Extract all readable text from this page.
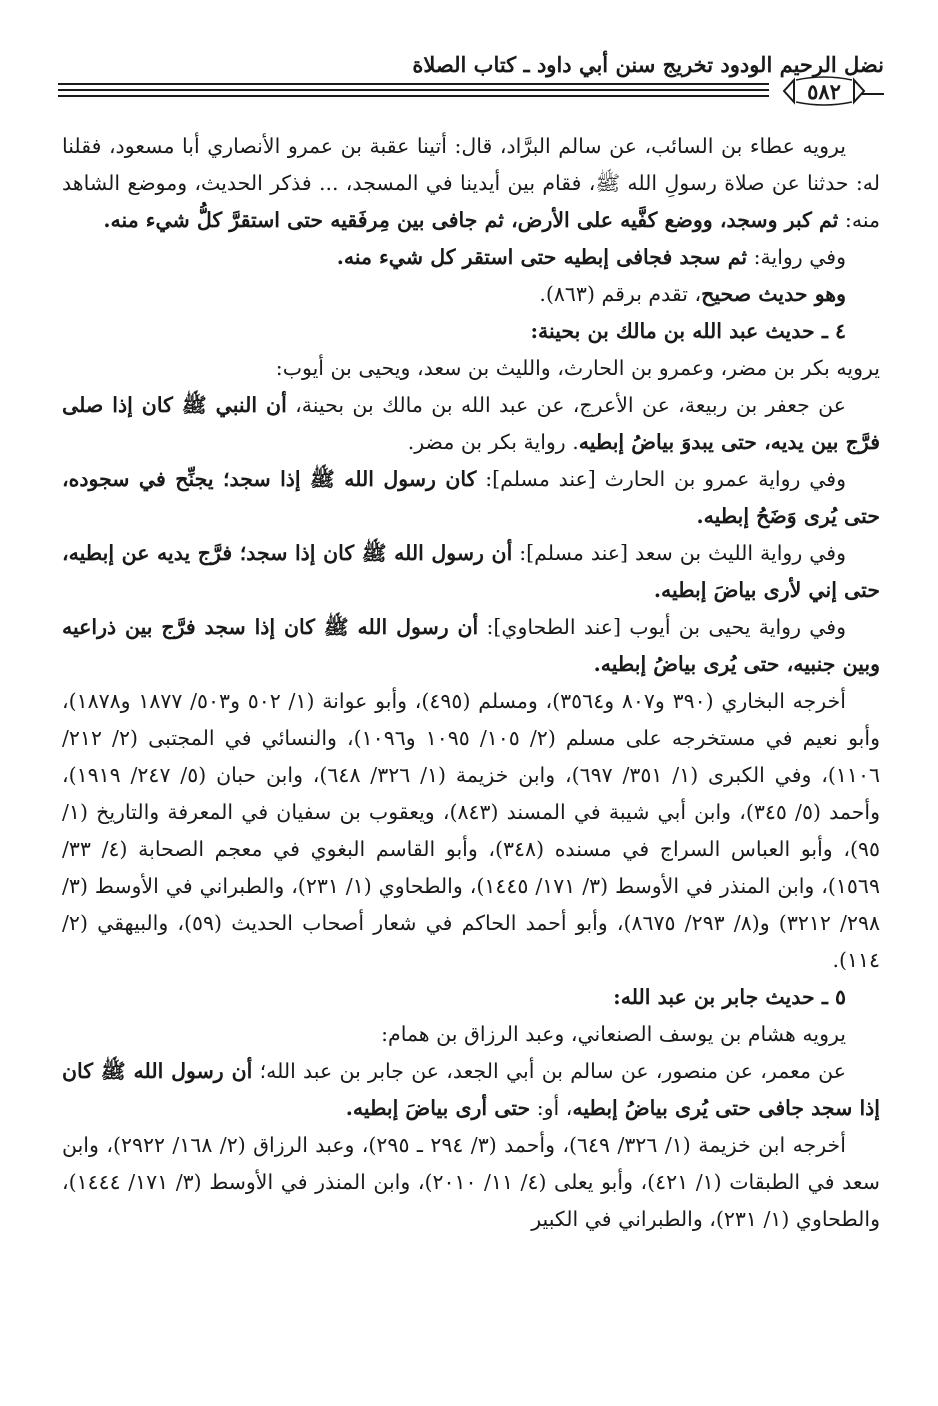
نضل الرحيم الودود تخريج سنن أبي داود ـ كتاب الصلاة
٥٨٢

يرويه عطاء بن السائب، عن سالم البرَّاد، قال: أتينا عقبة بن عمرو الأنصاري أبا مسعود، فقلنا له: حدثنا عن صلاة رسولِ الله ﷺ، فقام بين أيدينا في المسجد، ... فذكر الحديث، وموضع الشاهد منه: ثم كبر وسجد، ووضع كفَّيه على الأرض، ثم جافى بين مِرفَقيه حتى استقرَّ كلُّ شيء منه.

وفي رواية: ثم سجد فجافى إبطيه حتى استقر كل شيء منه.

وهو حديث صحيح، تقدم برقم (٨٦٣).

٤ ـ حديث عبد الله بن مالك بن بحينة:

يرويه بكر بن مضر، وعمرو بن الحارث، والليث بن سعد، ويحيى بن أيوب:

عن جعفر بن ربيعة، عن الأعرج، عن عبد الله بن مالك بن بحينة، أن النبي ﷺ كان إذا صلى فرَّج بين يديه، حتى يبدوَ بياضُ إبطيه. رواية بكر بن مضر.

وفي رواية عمرو بن الحارث [عند مسلم]: كان رسول الله ﷺ إذا سجد؛ يجنِّح في سجوده، حتى يُرى وَضَحُ إبطيه.

وفي رواية الليث بن سعد [عند مسلم]: أن رسول الله ﷺ كان إذا سجد؛ فرَّج يديه عن إبطيه، حتى إني لأرى بياضَ إبطيه.

وفي رواية يحيى بن أيوب [عند الطحاوي]: أن رسول الله ﷺ كان إذا سجد فرَّج بين ذراعيه وبين جنبيه، حتى يُرى بياضُ إبطيه.

أخرجه البخاري (٣٩٠ و٨٠٧ و٣٥٦٤)، ومسلم (٤٩٥)، وأبو عوانة (١/ ٥٠٢ و٥٠٣/ ١٨٧٧ و١٨٧٨)، وأبو نعيم في مستخرجه على مسلم (٢/ ١٠٥/ ١٠٩٥ و١٠٩٦)، والنسائي في المجتبى (٢/ ٢١٢/ ١١٠٦)، وفي الكبرى (١/ ٣٥١/ ٦٩٧)، وابن خزيمة (١/ ٣٢٦/ ٦٤٨)، وابن حبان (٥/ ٢٤٧/ ١٩١٩)، وأحمد (٥/ ٣٤٥)، وابن أبي شيبة في المسند (٨٤٣)، ويعقوب بن سفيان في المعرفة والتاريخ (١/ ٩٥)، وأبو العباس السراج في مسنده (٣٤٨)، وأبو القاسم البغوي في معجم الصحابة (٤/ ٣٣/ ١٥٦٩)، وابن المنذر في الأوسط (٣/ ١٧١/ ١٤٤٥)، والطحاوي (١/ ٢٣١)، والطبراني في الأوسط (٣/ ٢٩٨/ ٣٢١٢) و(٨/ ٢٩٣/ ٨٦٧٥)، وأبو أحمد الحاكم في شعار أصحاب الحديث (٥٩)، والبيهقي (٢/ ١١٤).

٥ ـ حديث جابر بن عبد الله:

يرويه هشام بن يوسف الصنعاني، وعبد الرزاق بن همام:

عن معمر، عن منصور، عن سالم بن أبي الجعد، عن جابر بن عبد الله؛ أن رسول الله ﷺ كان إذا سجد جافى حتى يُرى بياضُ إبطيه، أو: حتى أرى بياضَ إبطيه.

أخرجه ابن خزيمة (١/ ٣٢٦/ ٦٤٩)، وأحمد (٣/ ٢٩٤ ـ ٢٩٥)، وعبد الرزاق (٢/ ١٦٨/ ٢٩٢٢)، وابن سعد في الطبقات (١/ ٤٢١)، وأبو يعلى (٤/ ١١/ ٢٠١٠)، وابن المنذر في الأوسط (٣/ ١٧١/ ١٤٤٤)، والطحاوي (١/ ٢٣١)، والطبراني في الكبير
